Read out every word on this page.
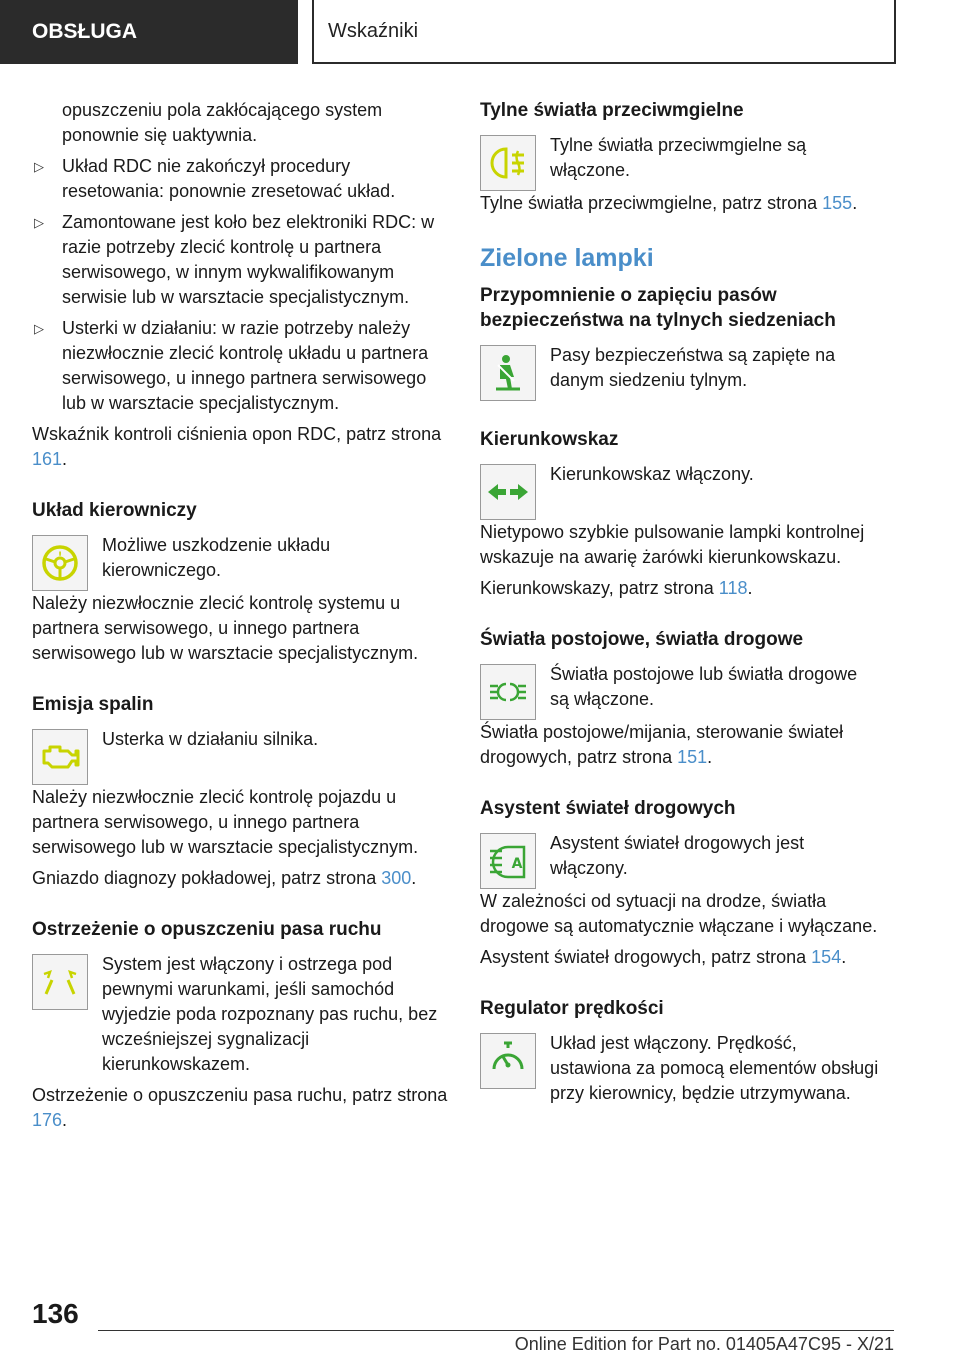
OBSŁUGA	Wskaźniki

opuszczeniu pola zakłócającego system ponownie się uaktywnia.

▷ Układ RDC nie zakończył procedury resetowania: ponownie zresetować układ.
▷ Zamontowane jest koło bez elektroniki RDC: w razie potrzeby zlecić kontrolę u partnera serwisowego, w innym wykwalifikowanym serwisie lub w warsztacie specjalistycznym.
▷ Usterki w działaniu: w razie potrzeby należy niezwłocznie zlecić kontrolę układu u partnera serwisowego, u innego partnera serwisowego lub w warsztacie specjalistycznym.

Wskaźnik kontroli ciśnienia opon RDC, patrz strona 161.

Układ kierowniczy
!

Możliwe uszkodzenie układu kierowniczego.

Należy niezwłocznie zlecić kontrolę systemu u partnera serwisowego, u innego partnera serwisowego lub w warsztacie specjalistycznym.

Emisja spalin

Usterka w działaniu silnika.

Należy niezwłocznie zlecić kontrolę pojazdu u partnera serwisowego, u innego partnera serwisowego lub w warsztacie specjalistycznym.

Gniazdo diagnozy pokładowej, patrz strona 300.

Ostrzeżenie o opuszczeniu pasa ruchu

System jest włączony i ostrzega pod pewnymi warunkami, jeśli samochód wyjedzie poda rozpoznany pas ruchu, bez wcześniejszej sygnalizacji kierunkowskazem.

Ostrzeżenie o opuszczeniu pasa ruchu, patrz strona 176.

Tylne światła przeciwmgielne

Tylne światła przeciwmgielne są włączone.

Tylne światła przeciwmgielne, patrz strona 155.

Zielone lampki
Przypomnienie o zapięciu pasów bezpieczeństwa na tylnych siedzeniach

Pasy bezpieczeństwa są zapięte na danym siedzeniu tylnym.

Kierunkowskaz

Kierunkowskaz włączony.

Nietypowo szybkie pulsowanie lampki kontrolnej wskazuje na awarię żarówki kierunkowskazu.

Kierunkowskazy, patrz strona 118.

Światła postojowe, światła drogowe

Światła postojowe lub światła drogowe są włączone.

Światła postojowe/mijania, sterowanie świateł drogowych, patrz strona 151.

Asystent świateł drogowych
A

Asystent świateł drogowych jest włączony.

W zależności od sytuacji na drodze, światła drogowe są automatycznie włączane i wyłączane.

Asystent świateł drogowych, patrz strona 154.

Regulator prędkości

Układ jest włączony. Prędkość, ustawiona za pomocą elementów obsługi przy kierownicy, będzie utrzymywana.

136
Online Edition for Part no. 01405A47C95 - X/21
